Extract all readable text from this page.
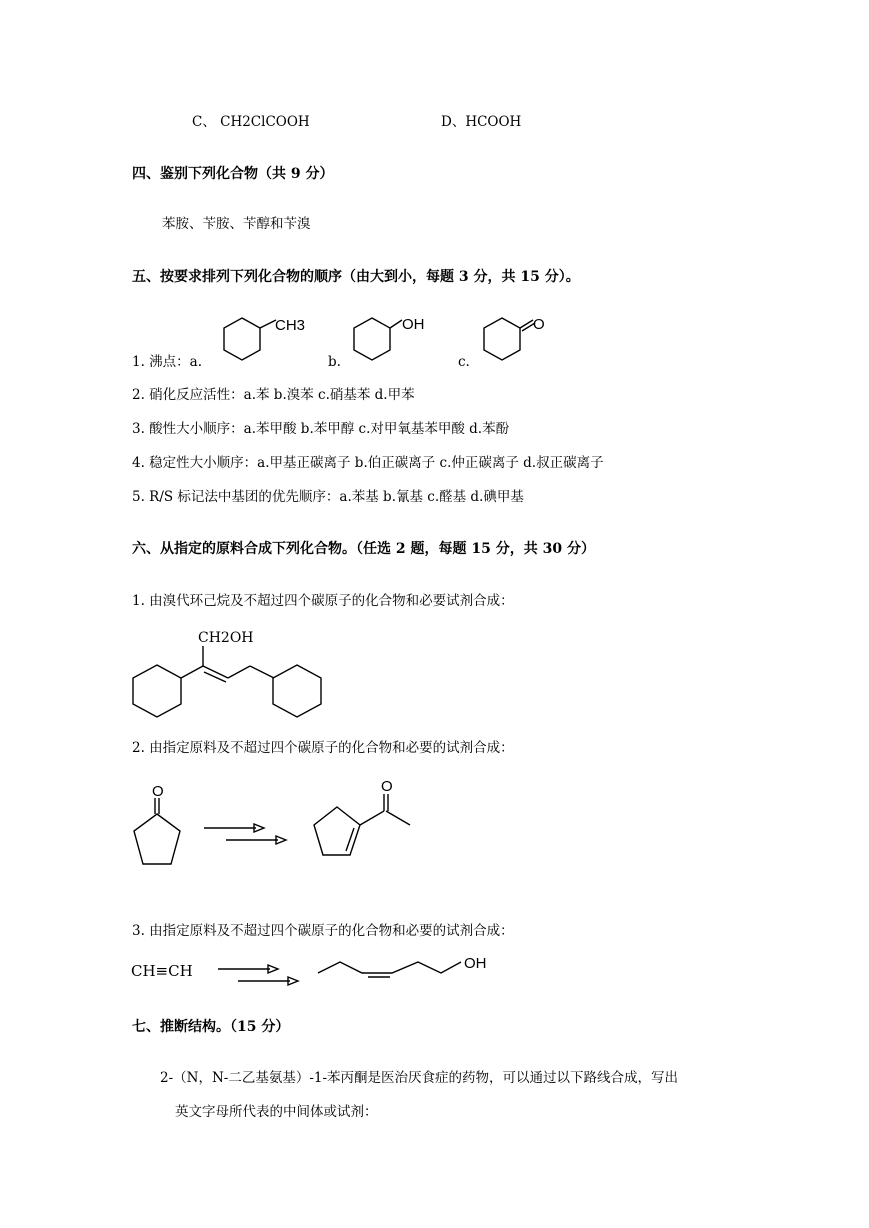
C、 CH2ClCOOH	D、HCOOH
四、鉴别下列化合物（共 9 分）
苯胺、苄胺、苄醇和苄溴
五、按要求排列下列化合物的顺序（由大到小，每题 3 分，共 15 分）。
1. 沸点：a.	b.	c.
CH3	OH	O
2. 硝化反应活性：a.苯 b.溴苯 c.硝基苯 d.甲苯
3. 酸性大小顺序：a.苯甲酸 b.苯甲醇 c.对甲氧基苯甲酸 d.苯酚
4. 稳定性大小顺序：a.甲基正碳离子 b.伯正碳离子 c.仲正碳离子 d.叔正碳离子
5. R/S 标记法中基团的优先顺序：a.苯基 b.氰基 c.醛基 d.碘甲基
六、从指定的原料合成下列化合物。（任选 2 题，每题 15 分，共 30 分）
1. 由溴代环己烷及不超过四个碳原子的化合物和必要试剂合成：
CH2OH
2. 由指定原料及不超过四个碳原子的化合物和必要的试剂合成：
O	O
3. 由指定原料及不超过四个碳原子的化合物和必要的试剂合成：
CH≡CH	OH
七、推断结构。（15 分）
2-（N，N-二乙基氨基）-1-苯丙酮是医治厌食症的药物，可以通过以下路线合成，写出
英文字母所代表的中间体或试剂：
